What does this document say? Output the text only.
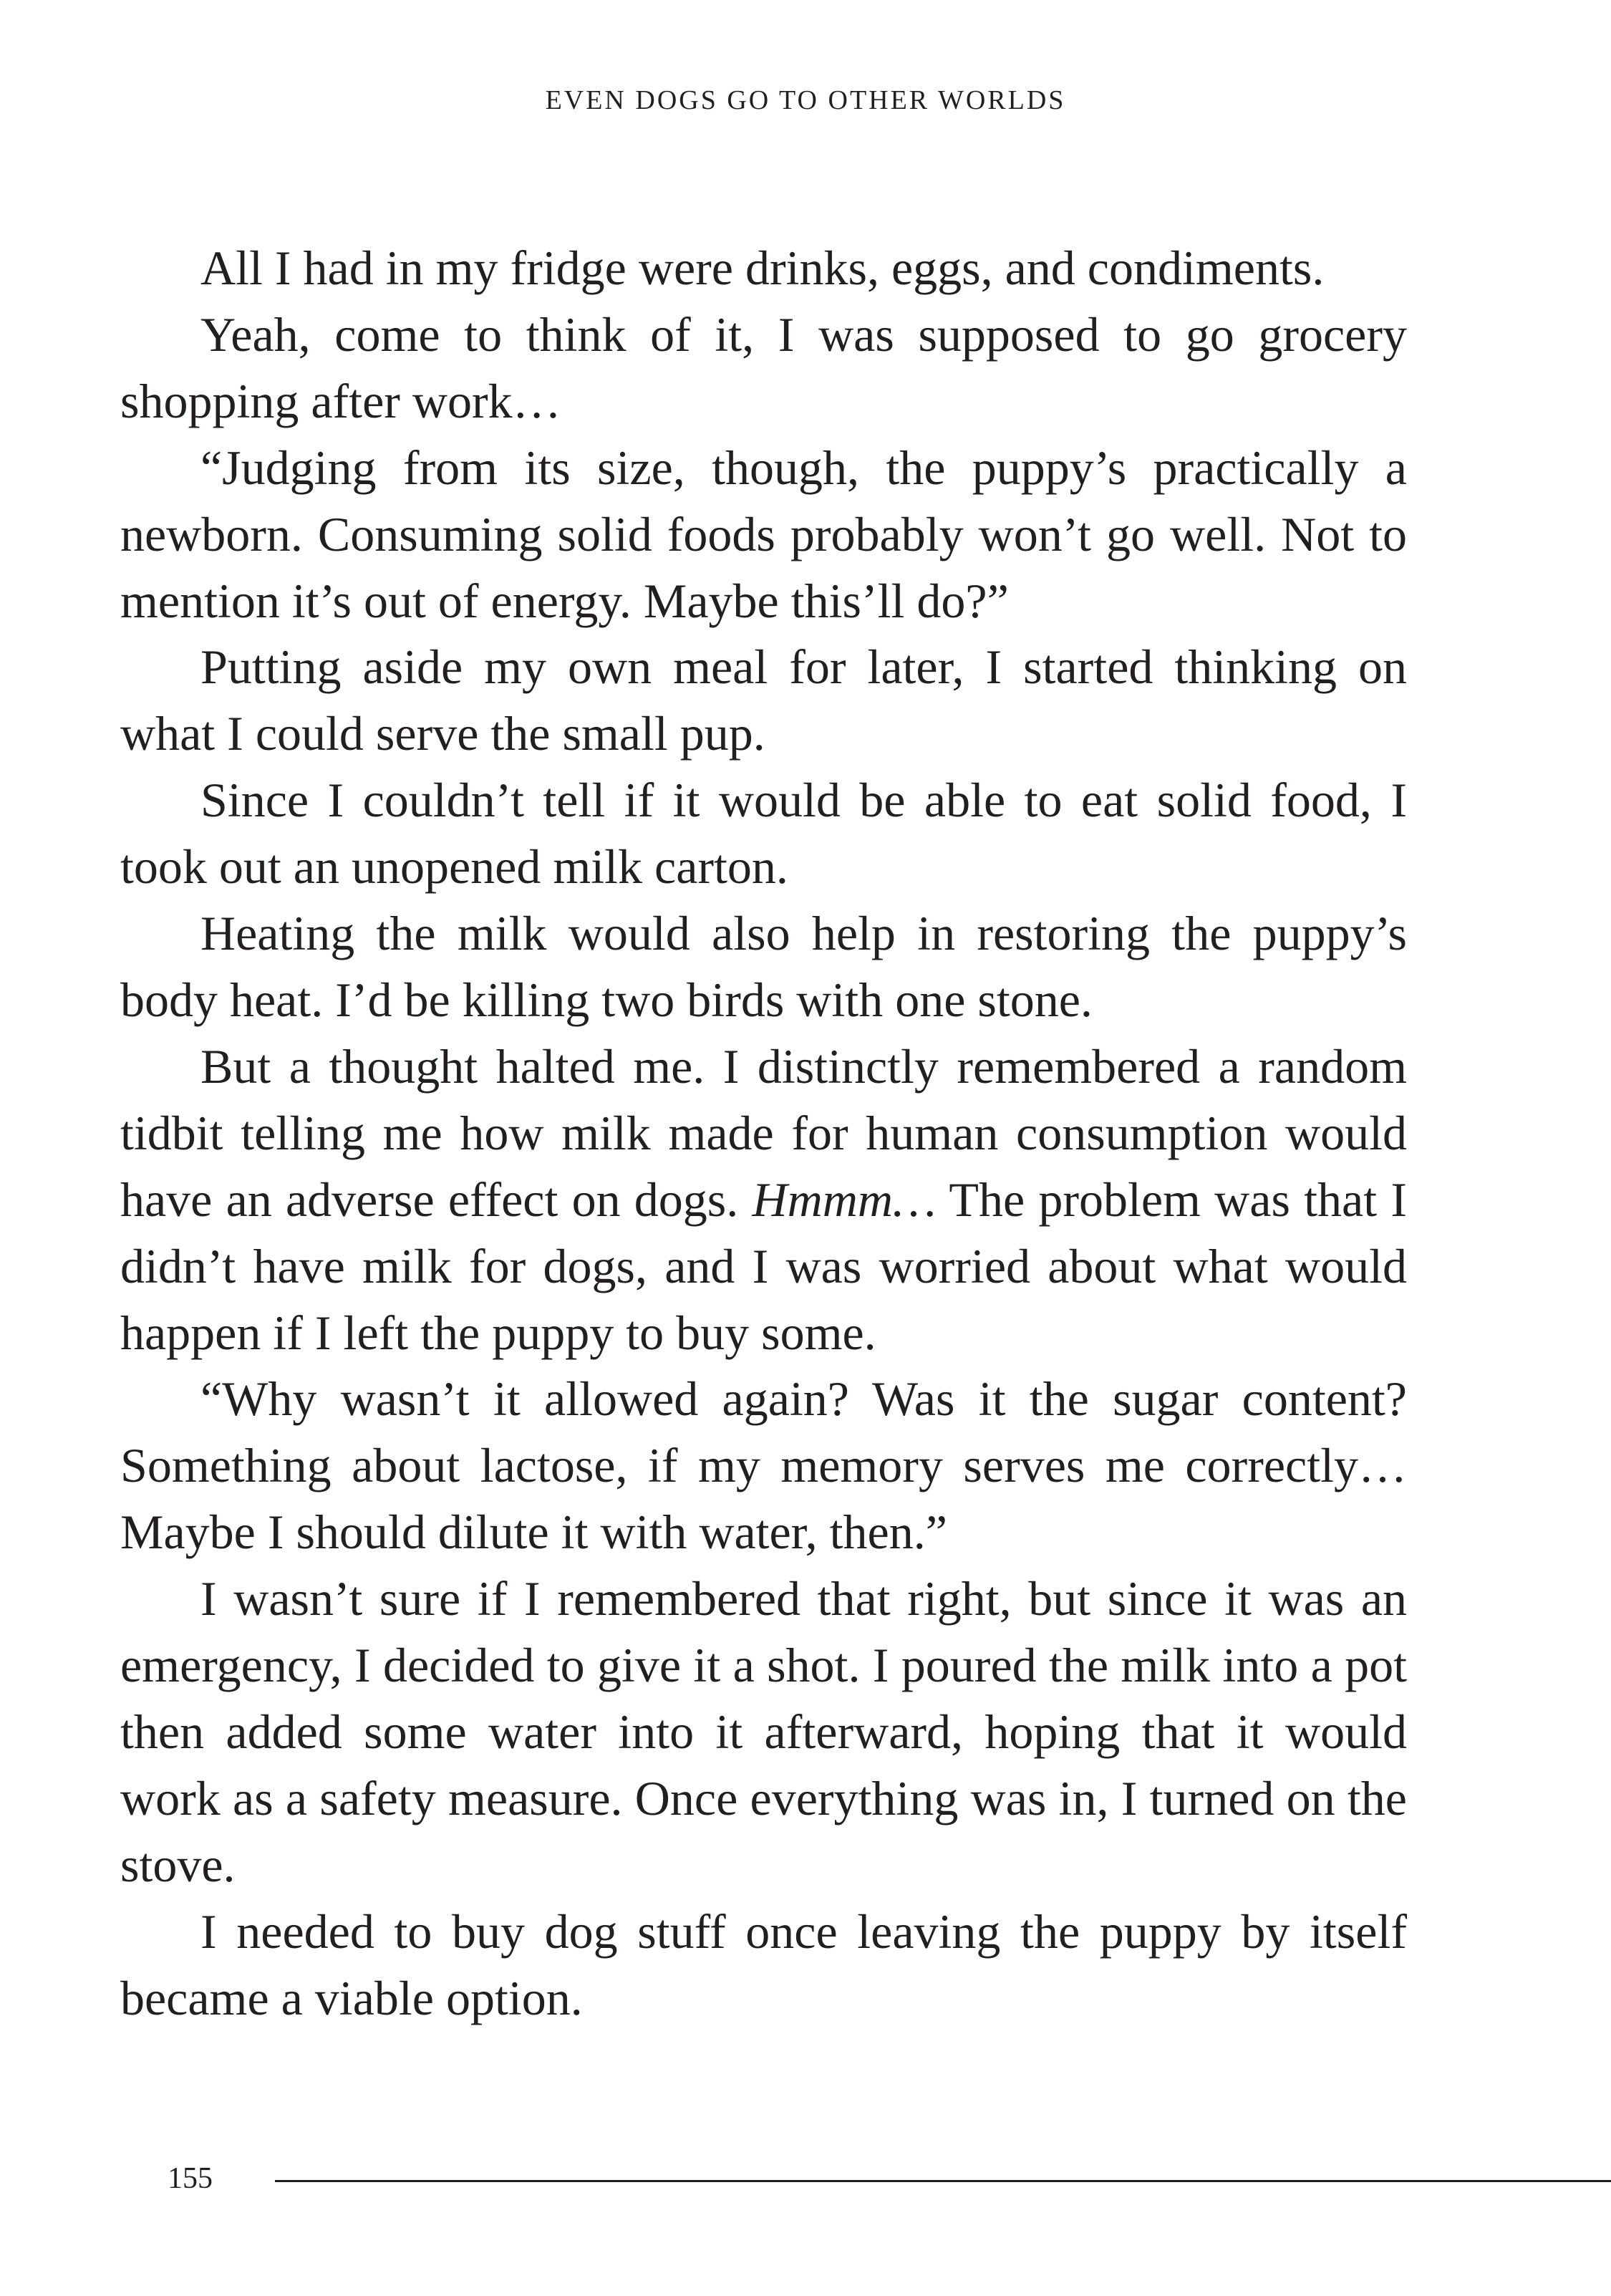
EVEN DOGS GO TO OTHER WORLDS

All I had in my fridge were drinks, eggs, and condiments.

Yeah, come to think of it, I was supposed to go grocery shopping after work…

“Judging from its size, though, the puppy’s practically a newborn. Consuming solid foods probably won’t go well. Not to mention it’s out of energy. Maybe this’ll do?”

Putting aside my own meal for later, I started thinking on what I could serve the small pup.

Since I couldn’t tell if it would be able to eat solid food, I took out an unopened milk carton.

Heating the milk would also help in restoring the puppy’s body heat. I’d be killing two birds with one stone.

But a thought halted me. I distinctly remembered a random tidbit telling me how milk made for human consumption would have an adverse effect on dogs. Hmmm… The problem was that I didn’t have milk for dogs, and I was worried about what would happen if I left the puppy to buy some.

“Why wasn’t it allowed again? Was it the sugar content? Something about lactose, if my memory serves me correctly… Maybe I should dilute it with water, then.”

I wasn’t sure if I remembered that right, but since it was an emergency, I decided to give it a shot. I poured the milk into a pot then added some water into it afterward, hoping that it would work as a safety measure. Once everything was in, I turned on the stove.

I needed to buy dog stuff once leaving the puppy by itself became a viable option.

155
